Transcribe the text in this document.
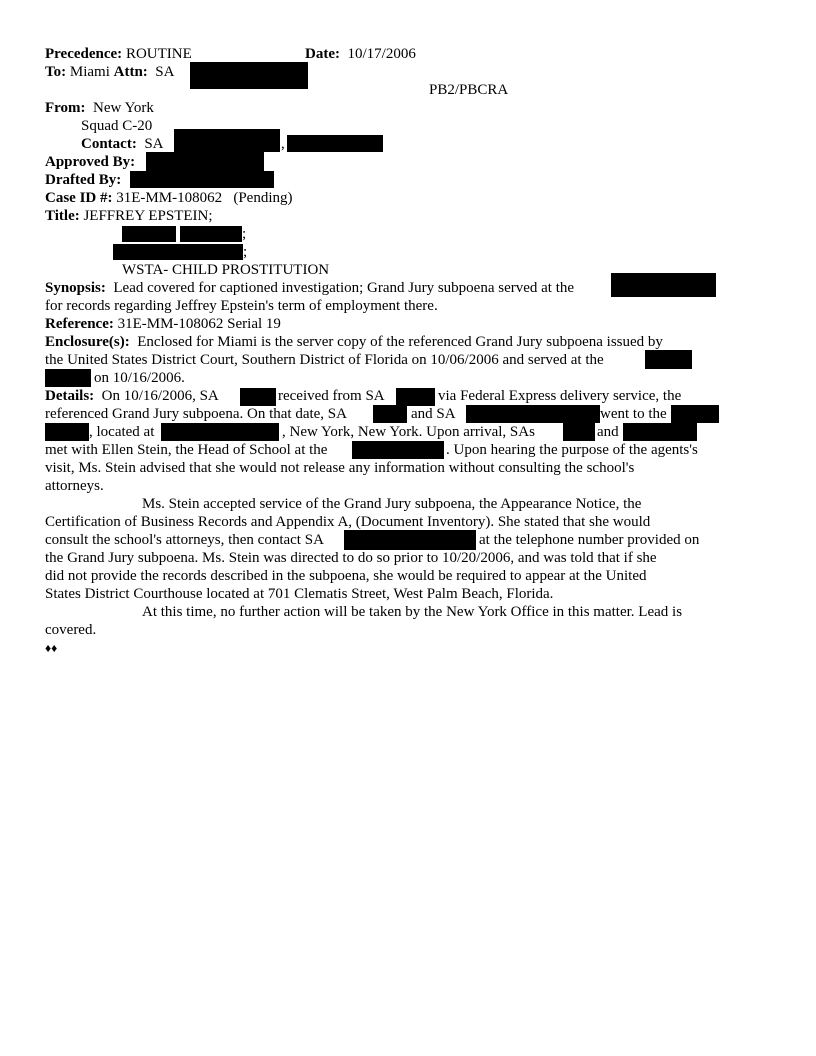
Precedence: ROUTINE	Date: 10/17/2006
To: Miami Attn: SA
PB2/PBCRA
From: New York
Squad C-20
Contact: SA	,
Approved By:
Drafted By:
Case ID #: 31E-MM-108062   (Pending)
Title: JEFFREY EPSTEIN;
;
;
WSTA- CHILD PROSTITUTION
Synopsis: Lead covered for captioned investigation; Grand Jury subpoena served at the
for records regarding Jeffrey Epstein's term of employment there.
Reference: 31E-MM-108062 Serial 19
Enclosure(s): Enclosed for Miami is the server copy of the referenced Grand Jury subpoena issued by
the United States District Court, Southern District of Florida on 10/06/2006 and served at the
on 10/16/2006.
Details: On 10/16/2006, SA	received from SA	via Federal Express delivery service, the
referenced Grand Jury subpoena. On that date, SA	and SA	went to the
, located at	, New York, New York. Upon arrival, SAs	and
met with Ellen Stein, the Head of School at the	. Upon hearing the purpose of the agents's
visit, Ms. Stein advised that she would not release any information without consulting the school's
attorneys.
Ms. Stein accepted service of the Grand Jury subpoena, the Appearance Notice, the
Certification of Business Records and Appendix A, (Document Inventory). She stated that she would
consult the school's attorneys, then contact SA	at the telephone number provided on
the Grand Jury subpoena. Ms. Stein was directed to do so prior to 10/20/2006, and was told that if she
did not provide the records described in the subpoena, she would be required to appear at the United
States District Courthouse located at 701 Clematis Street, West Palm Beach, Florida.
At this time, no further action will be taken by the New York Office in this matter. Lead is
covered.
♦♦
